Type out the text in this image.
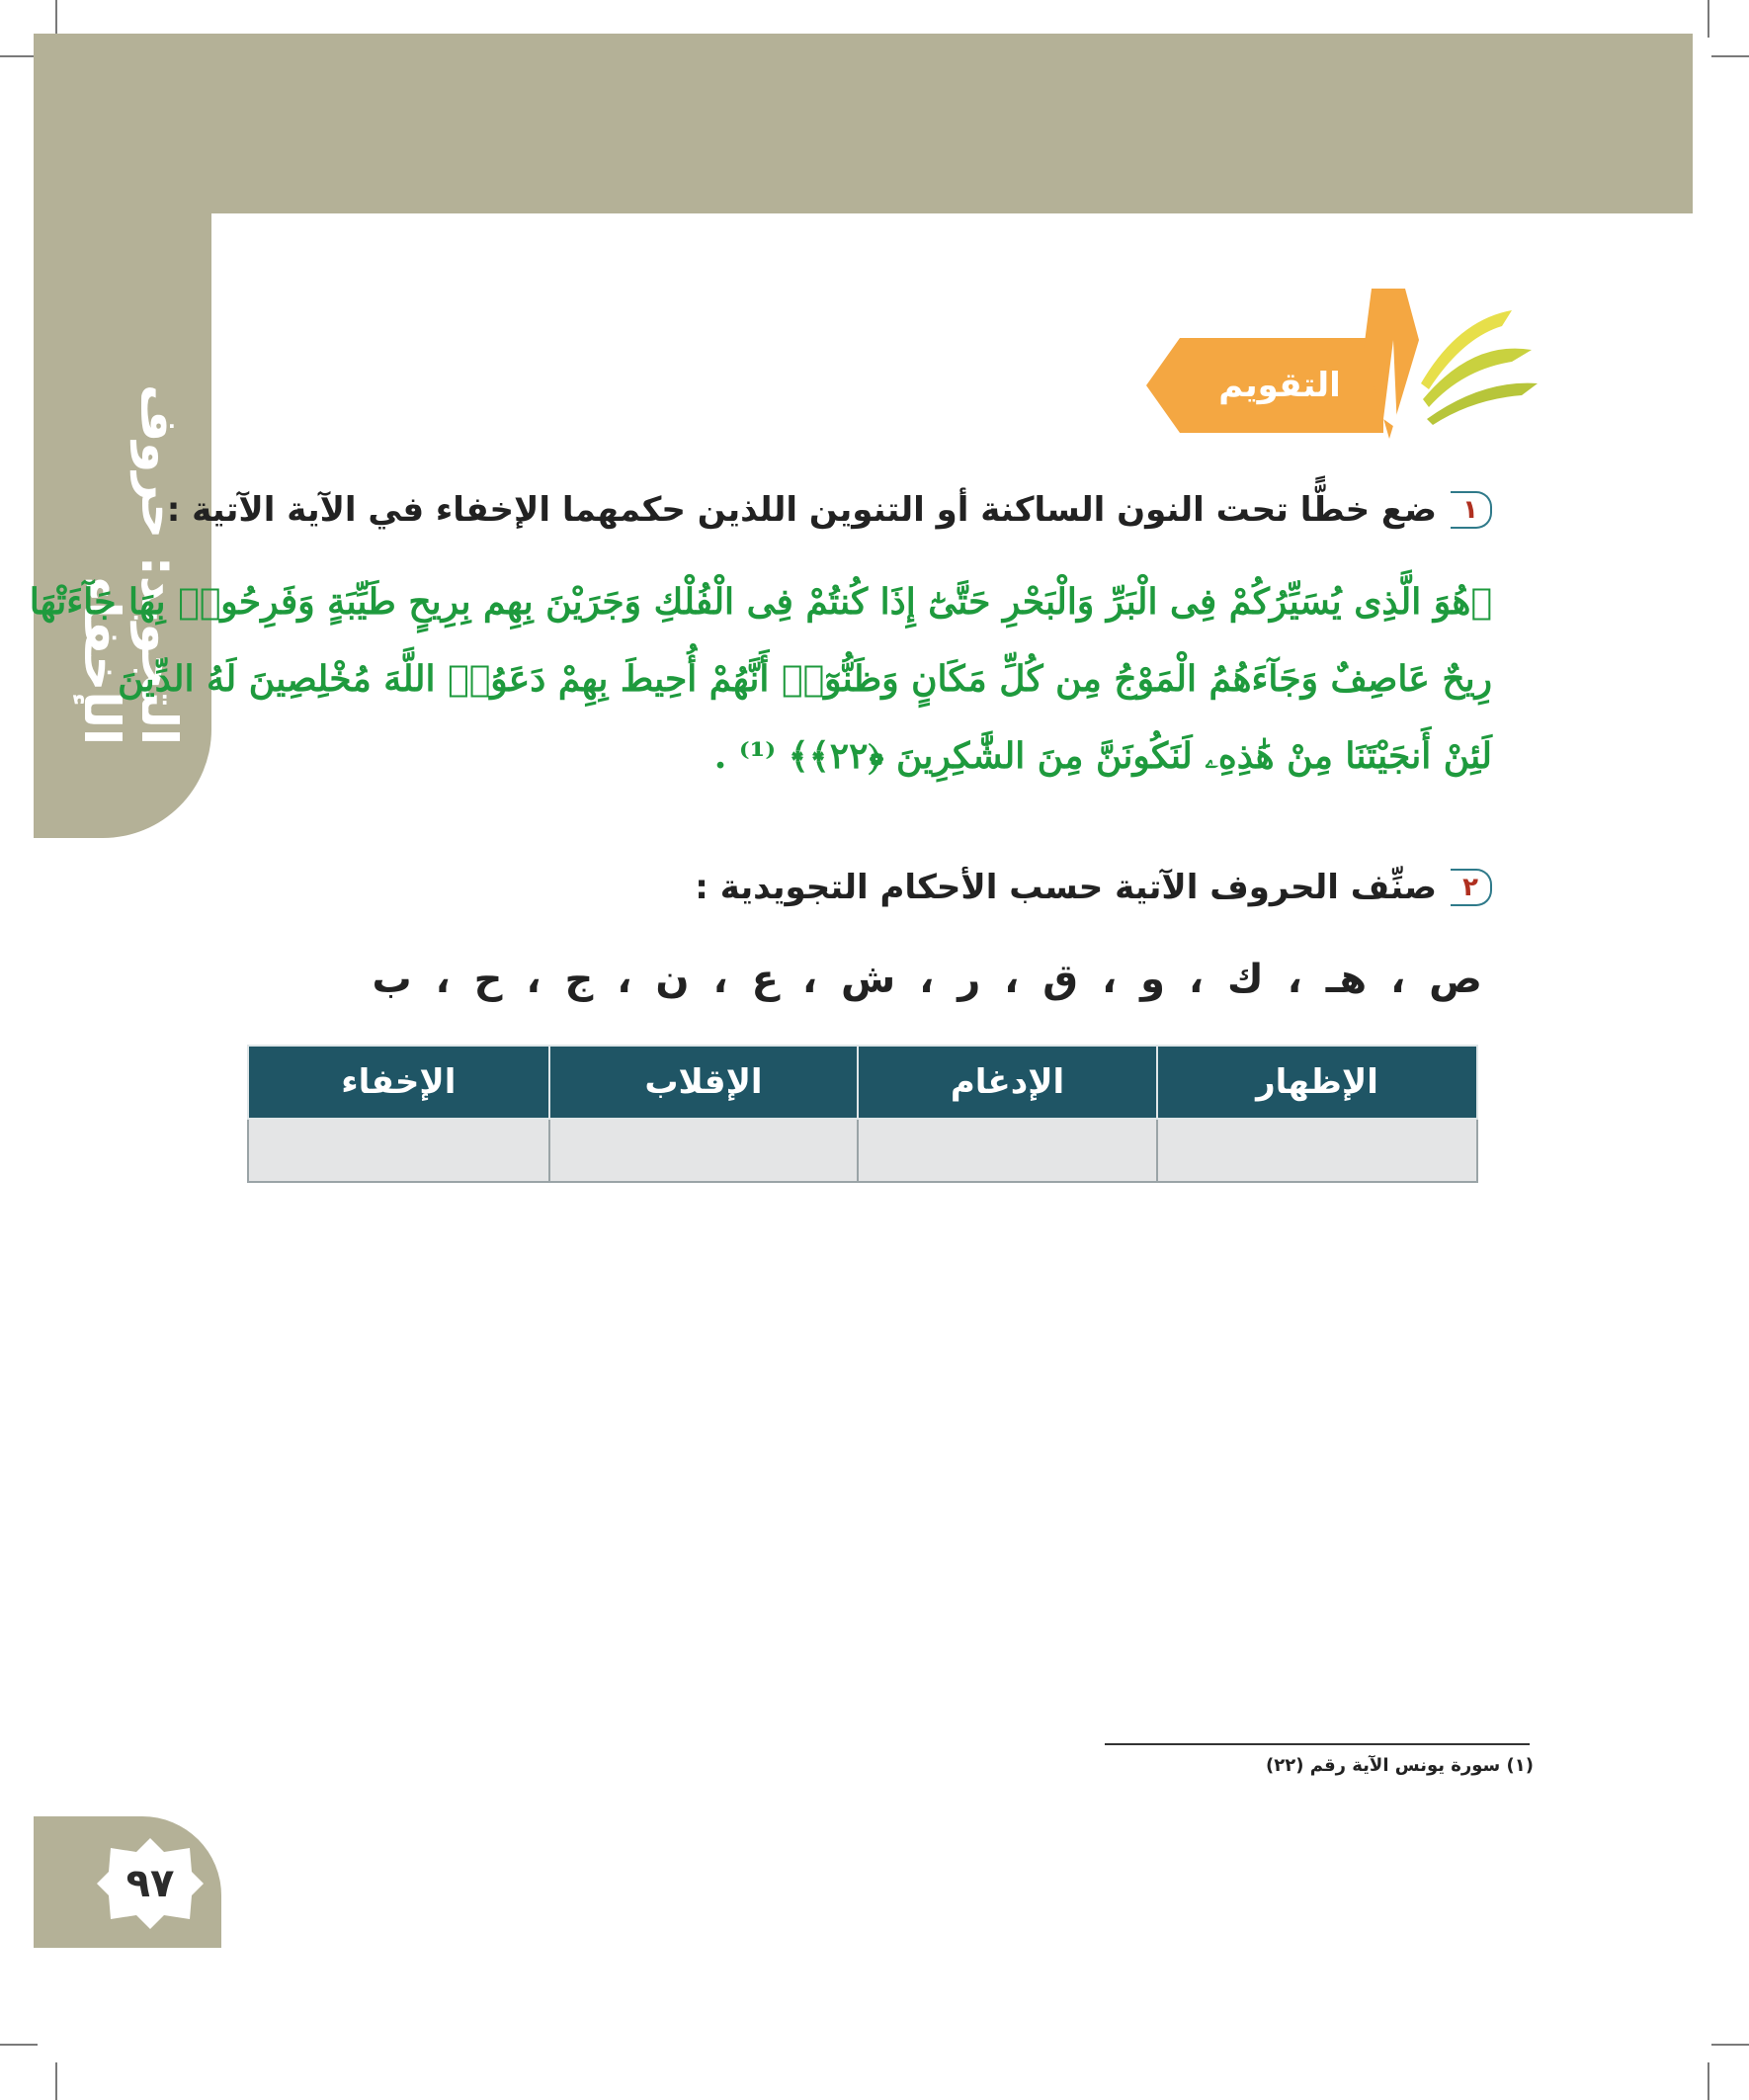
التجويد: حروف الإخفاء
التقويم
١
ضع خطًّا تحت النون الساكنة أو التنوين اللذين حكمهما الإخفاء في الآية الآتية :
﴿هُوَ الَّذِى يُسَيِّرُكُمْ فِى الْبَرِّ وَالْبَحْرِ حَتَّىٰٓ إِذَا كُنتُمْ فِى الْفُلْكِ وَجَرَيْنَ بِهِم بِرِيحٍ طَيِّبَةٍ وَفَرِحُوا۟ بِهَا جَآءَتْهَا
رِيحٌ عَاصِفٌ وَجَآءَهُمُ الْمَوْجُ مِن كُلِّ مَكَانٍ وَظَنُّوٓا۟ أَنَّهُمْ أُحِيطَ بِهِمْ دَعَوُا۟ اللَّهَ مُخْلِصِينَ لَهُ الدِّينَ
لَئِنْ أَنجَيْتَنَا مِنْ هَٰذِهِۦ لَنَكُونَنَّ مِنَ الشَّٰكِرِينَ ﴿٢٢﴾﴾ ⁽¹⁾ .
٢
صنِّف الحروف الآتية حسب الأحكام التجويدية :
ص ، هـ ، ك ، و ، ق ، ر ، ش ، ع ، ن ، ج ، ح ، ب
الإظهار	الإدغام	الإقلاب	الإخفاء

(١) سورة يونس الآية رقم (٢٢)
٩٧
